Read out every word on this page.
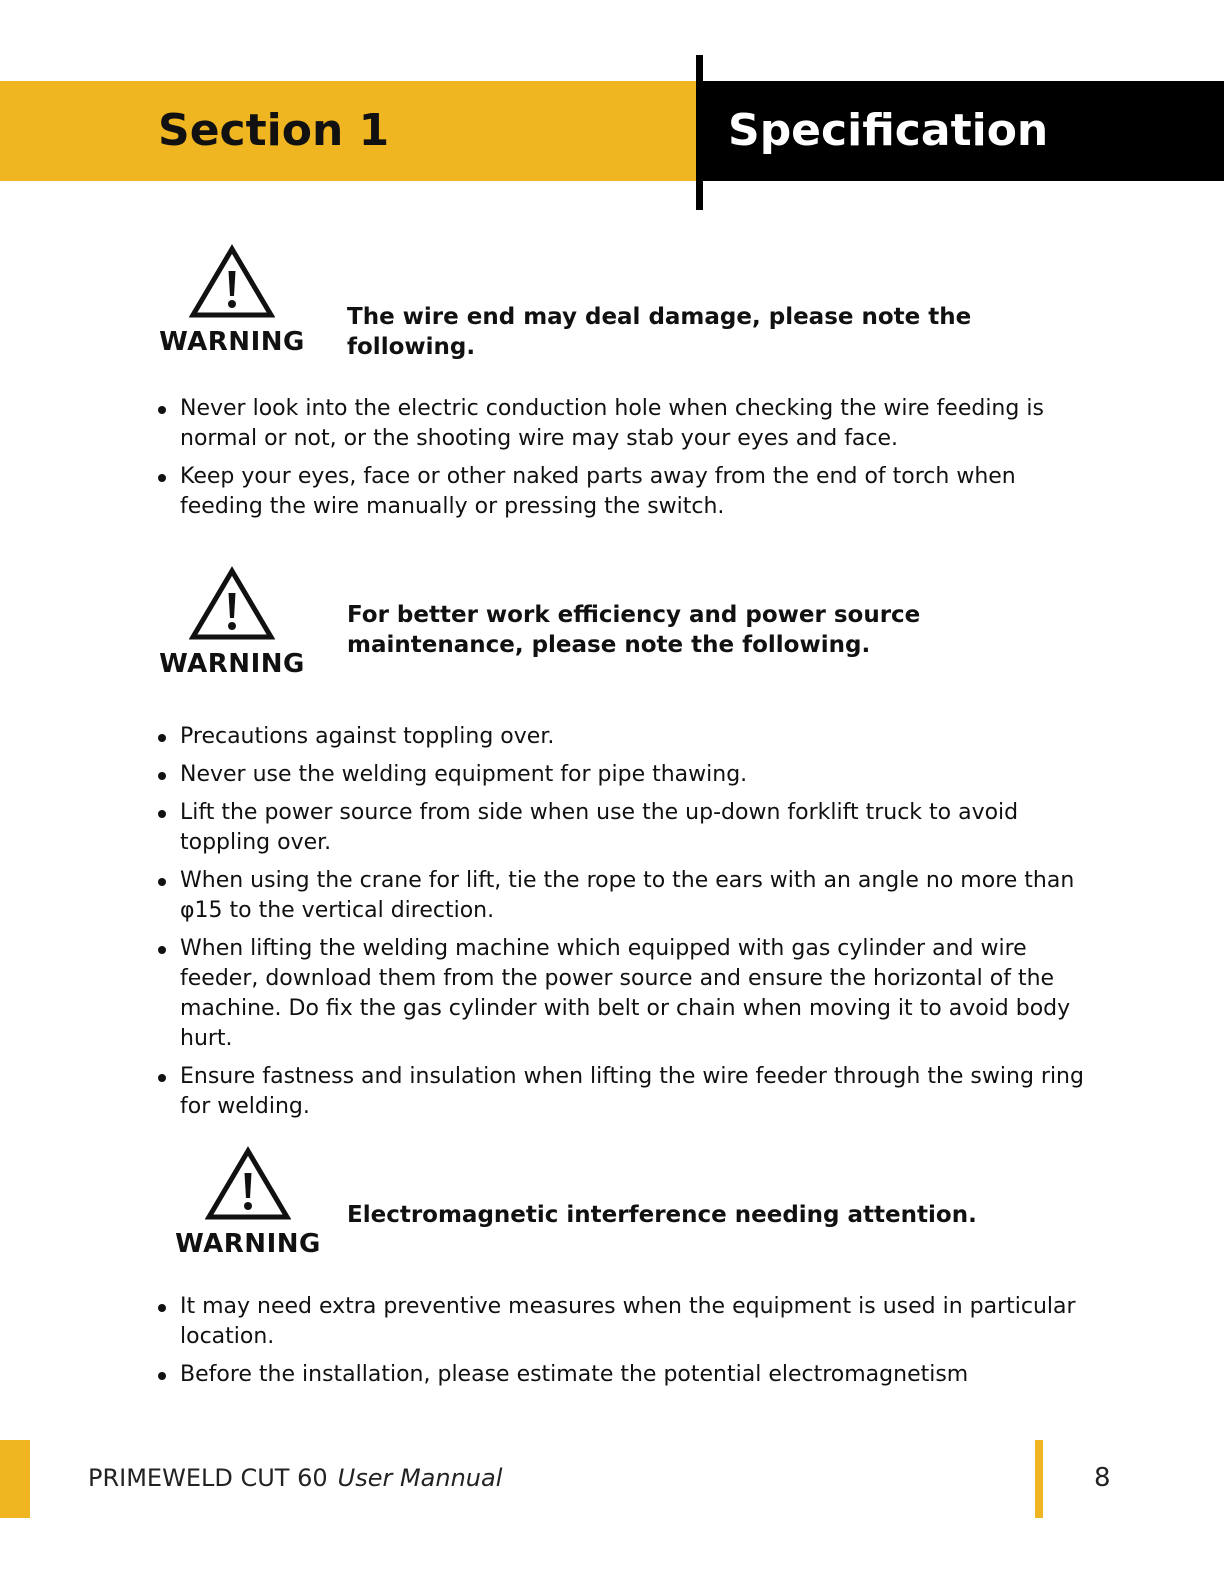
Section 1	Specification
WARNING
The wire end may deal damage, please note the following.
Never look into the electric conduction hole when checking the wire feeding is normal or not, or the shooting wire may stab your eyes and face.
Keep your eyes, face or other naked parts away from the end of torch when feeding the wire manually or pressing the switch.
WARNING
For better work efficiency and power source maintenance, please note the following.
Precautions against toppling over.
Never use the welding equipment for pipe thawing.
Lift the power source from side when use the up-down forklift truck to avoid toppling over.
When using the crane for lift, tie the rope to the ears with an angle no more than φ15 to the vertical direction.
When lifting the welding machine which equipped with gas cylinder and wire feeder, download them from the power source and ensure the horizontal of the machine. Do fix the gas cylinder with belt or chain when moving it to avoid body hurt.
Ensure fastness and insulation when lifting the wire feeder through the swing ring for welding.
WARNING
Electromagnetic interference needing attention.
It may need extra preventive measures when the equipment is used in particular location.
Before the installation, please estimate the potential electromagnetism
PRIMEWELD CUT 60 User Mannual	8
